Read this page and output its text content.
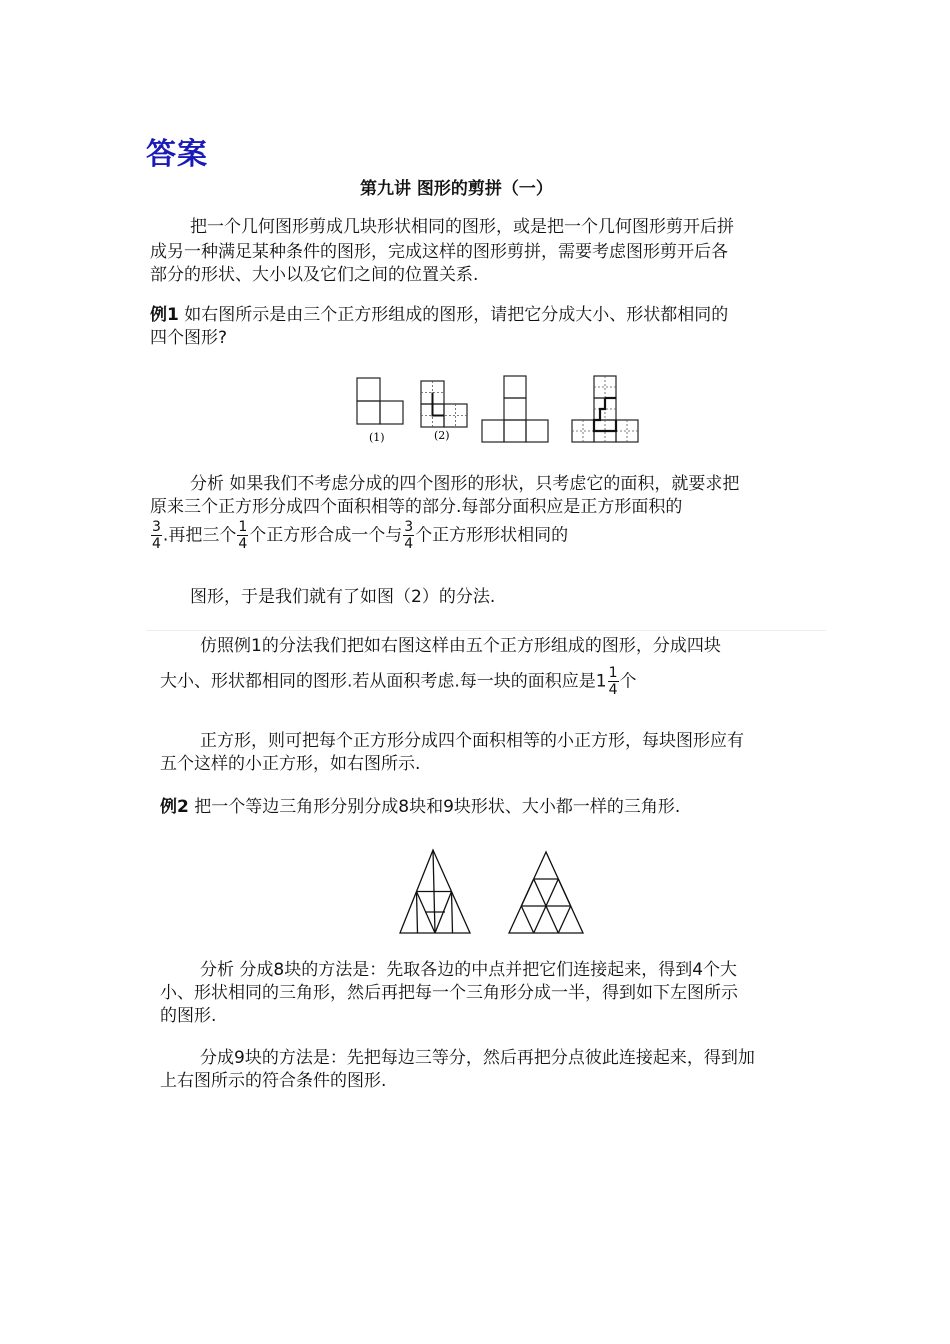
答案
第九讲 图形的剪拼（一）
把一个几何图形剪成几块形状相同的图形，或是把一个几何图形剪开后拼
成另一种满足某种条件的图形，完成这样的图形剪拼，需要考虑图形剪开后各
部分的形状、大小以及它们之间的位置关系.
例1 如右图所示是由三个正方形组成的图形，请把它分成大小、形状都相同的
四个图形?
(1)	(2)
分析 如果我们不考虑分成的四个图形的形状，只考虑它的面积，就要求把
原来三个正方形分成四个面积相等的部分.每部分面积应是正方形面积的
$\frac{3}{4}$ .再把三个 $\frac{1}{4}$ 个正方形合成一个与 $\frac{3}{4}$ 个正方形形状相同的
图形，于是我们就有了如图（2）的分法.
仿照例1的分法我们把如右图这样由五个正方形组成的图形，分成四块
大小、形状都相同的图形.若从面积考虑.每一块的面积应是$1 \frac{1}{4}$ 个
正方形，则可把每个正方形分成四个面积相等的小正方形，每块图形应有
五个这样的小正方形，如右图所示.
例2 把一个等边三角形分别分成8块和9块形状、大小都一样的三角形.
分析 分成8块的方法是：先取各边的中点并把它们连接起来，得到4个大
小、形状相同的三角形，然后再把每一个三角形分成一半，得到如下左图所示
的图形.
分成9块的方法是：先把每边三等分，然后再把分点彼此连接起来，得到加
上右图所示的符合条件的图形.
